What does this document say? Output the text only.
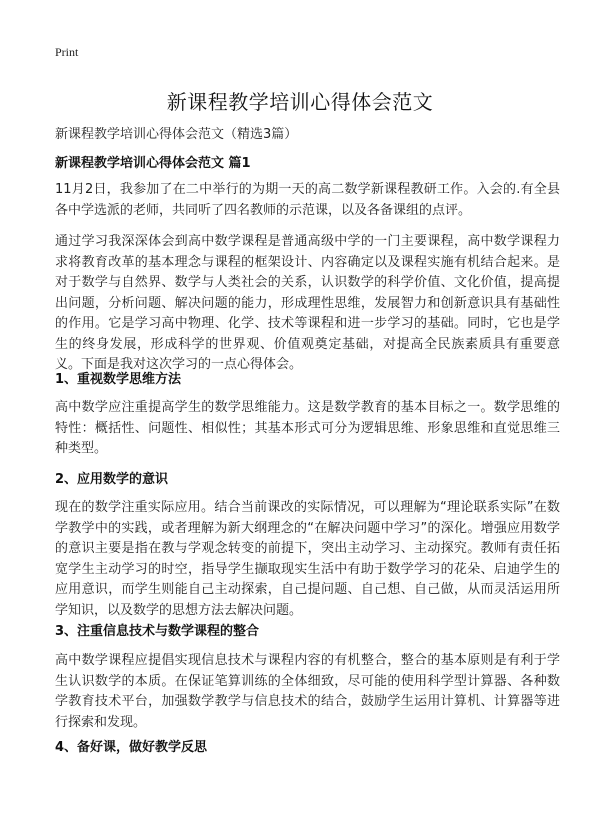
Print
新课程教学培训心得体会范文
新课程教学培训心得体会范文（精选3篇）
新课程教学培训心得体会范文 篇1

11月2日，我参加了在二中举行的为期一天的高二数学新课程教研工作。入会的.有全县各中学选派的老师，共同听了四名教师的示范课，以及各备课组的点评。

通过学习我深深体会到高中数学课程是普通高级中学的一门主要课程，高中数学课程力求将教育改革的基本理念与课程的框架设计、内容确定以及课程实施有机结合起来。是对于数学与自然界、数学与人类社会的关系，认识数学的科学价值、文化价值，提高提出问题，分析问题、解决问题的能力，形成理性思维，发展智力和创新意识具有基础性的作用。它是学习高中物理、化学、技术等课程和进一步学习的基础。同时，它也是学生的终身发展，形成科学的世界观、价值观奠定基础，对提高全民族素质具有重要意义。下面是我对这次学习的一点心得体会。

1、重视数学思维方法

高中数学应注重提高学生的数学思维能力。这是数学教育的基本目标之一。数学思维的特性：概括性、问题性、相似性；其基本形式可分为逻辑思维、形象思维和直觉思维三种类型。

2、应用数学的意识

现在的数学注重实际应用。结合当前课改的实际情况，可以理解为“理论联系实际”在数学教学中的实践，或者理解为新大纲理念的“在解决问题中学习”的深化。增强应用数学的意识主要是指在教与学观念转变的前提下，突出主动学习、主动探究。教师有责任拓宽学生主动学习的时空，指导学生撷取现实生活中有助于数学学习的花朵、启迪学生的应用意识，而学生则能自己主动探索，自己提问题、自己想、自己做，从而灵活运用所学知识，以及数学的思想方法去解决问题。

3、注重信息技术与数学课程的整合

高中数学课程应提倡实现信息技术与课程内容的有机整合，整合的基本原则是有利于学生认识数学的本质。在保证笔算训练的全体细致，尽可能的使用科学型计算器、各种数学教育技术平台，加强数学教学与信息技术的结合，鼓励学生运用计算机、计算器等进行探索和发现。

4、备好课，做好教学反思
